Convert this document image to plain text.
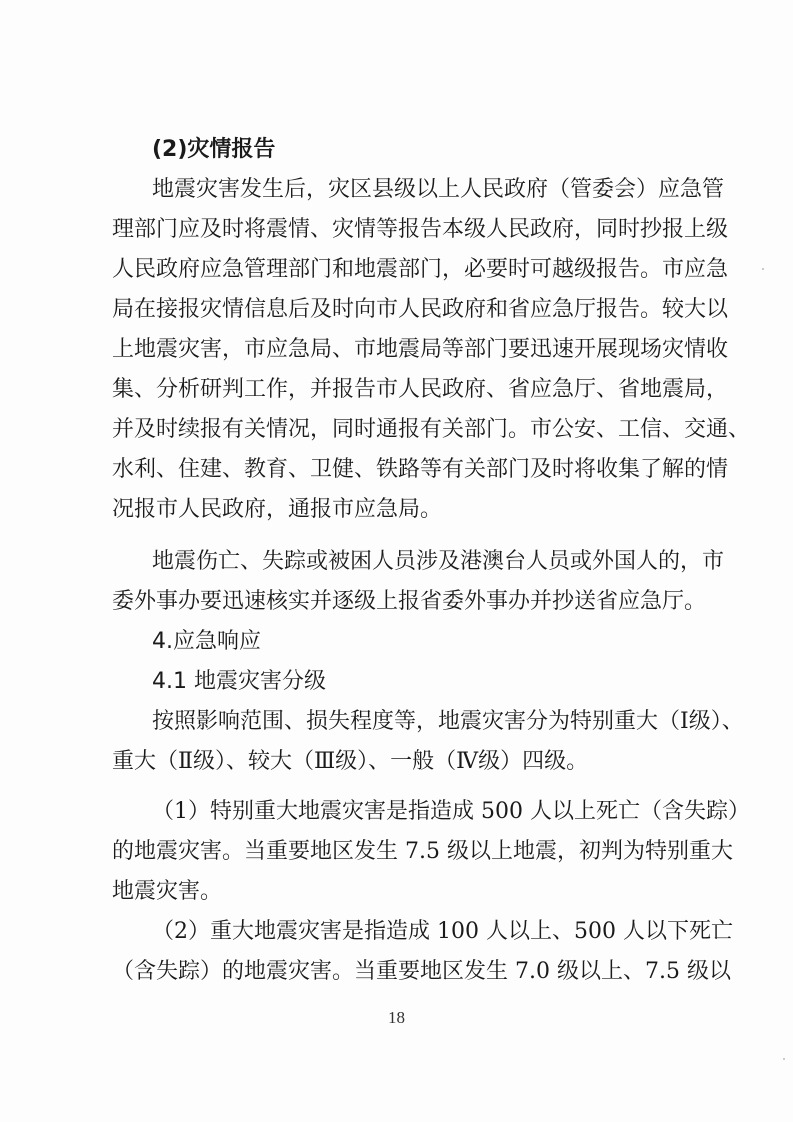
(2)灾情报告
地震灾害发生后，灾区县级以上人民政府（管委会）应急管
理部门应及时将震情、灾情等报告本级人民政府，同时抄报上级
人民政府应急管理部门和地震部门，必要时可越级报告。市应急
局在接报灾情信息后及时向市人民政府和省应急厅报告。较大以
上地震灾害，市应急局、市地震局等部门要迅速开展现场灾情收
集、分析研判工作，并报告市人民政府、省应急厅、省地震局，
并及时续报有关情况，同时通报有关部门。市公安、工信、交通、
水利、住建、教育、卫健、铁路等有关部门及时将收集了解的情
况报市人民政府，通报市应急局。
地震伤亡、失踪或被困人员涉及港澳台人员或外国人的，市
委外事办要迅速核实并逐级上报省委外事办并抄送省应急厅。
4.应急响应
4.1 地震灾害分级
按照影响范围、损失程度等，地震灾害分为特别重大（Ⅰ级）、
重大（Ⅱ级）、较大（Ⅲ级）、一般（Ⅳ级）四级。
（1）特别重大地震灾害是指造成 500 人以上死亡（含失踪）
的地震灾害。当重要地区发生 7.5 级以上地震，初判为特别重大
地震灾害。
（2）重大地震灾害是指造成 100 人以上、500 人以下死亡
（含失踪）的地震灾害。当重要地区发生 7.0 级以上、7.5 级以
18
